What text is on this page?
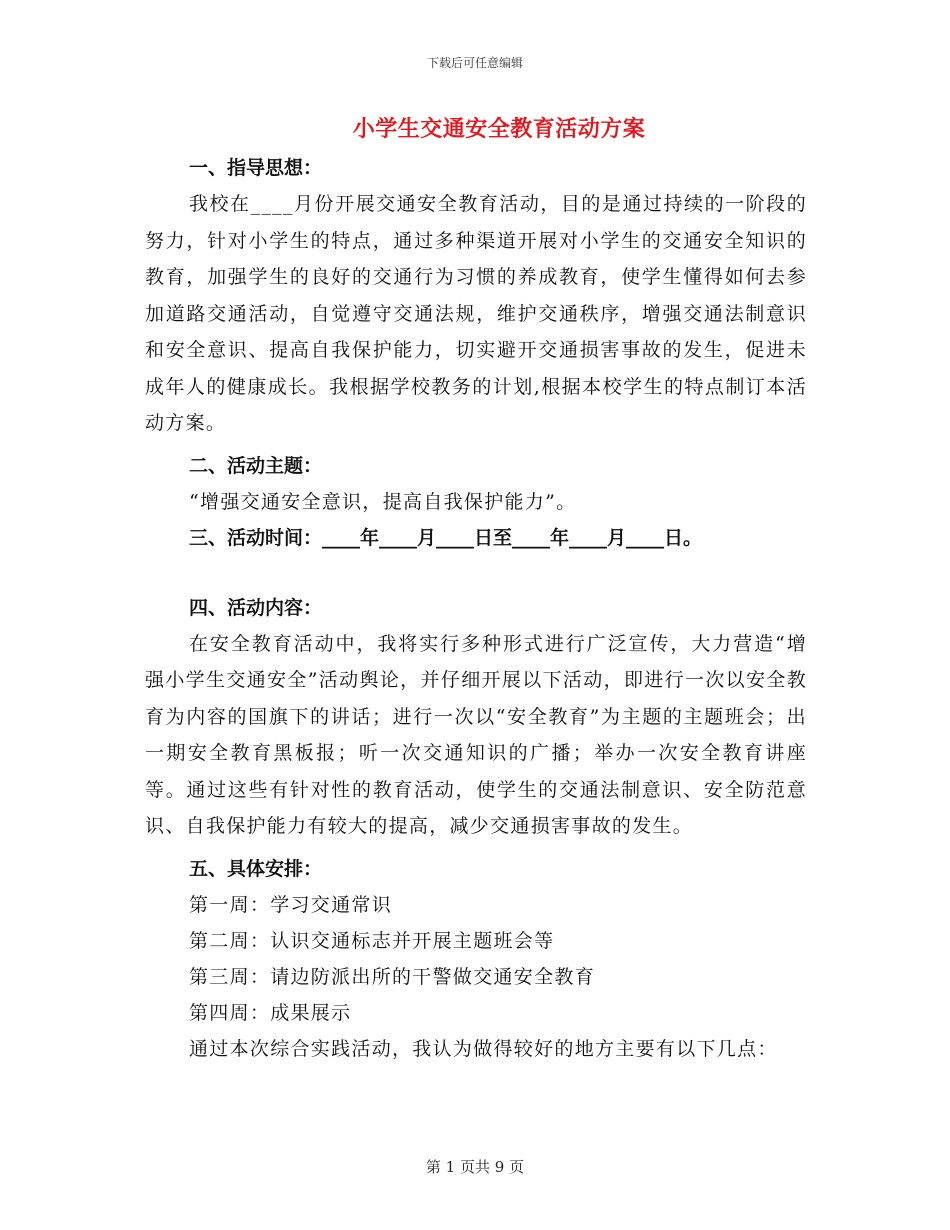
下载后可任意编辑
小学生交通安全教育活动方案

一、指导思想：

我校在____月份开展交通安全教育活动，目的是通过持续的一阶段的努力，针对小学生的特点，通过多种渠道开展对小学生的交通安全知识的教育，加强学生的良好的交通行为习惯的养成教育，使学生懂得如何去参加道路交通活动，自觉遵守交通法规，维护交通秩序，增强交通法制意识和安全意识、提高自我保护能力，切实避开交通损害事故的发生，促进未成年人的健康成长。我根据学校教务的计划,根据本校学生的特点制订本活动方案。

二、活动主题：

“增强交通安全意识，提高自我保护能力”。

三、活动时间：____年____月____日至____年____月____日。

四、活动内容：

在安全教育活动中，我将实行多种形式进行广泛宣传，大力营造“增强小学生交通安全”活动舆论，并仔细开展以下活动，即进行一次以安全教育为内容的国旗下的讲话；进行一次以“安全教育”为主题的主题班会；出一期安全教育黑板报；听一次交通知识的广播；举办一次安全教育讲座等。通过这些有针对性的教育活动，使学生的交通法制意识、安全防范意识、自我保护能力有较大的提高，减少交通损害事故的发生。

五、具体安排：

第一周：学习交通常识

第二周：认识交通标志并开展主题班会等

第三周：请边防派出所的干警做交通安全教育

第四周：成果展示

通过本次综合实践活动，我认为做得较好的地方主要有以下几点：

第 1 页共 9 页
